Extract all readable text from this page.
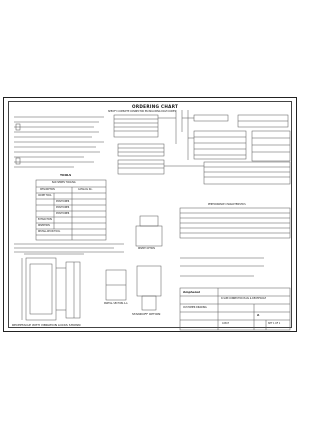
ORDERING CHART
SPECIFY COMPLETE CONNECTOR PN INCLUDING DASH CODES
TOOLS
BAR SERIES TOOLING
DESCRIPTION	CATALOG No.
CRIMP TOOL
POSITIONER
POSITIONER
POSITIONER
EXTRACTION
INSERTION
INSTALLATION TOOL
RECEPTACLE WITH VIBRATION LOCKS SHOWN
STANDOFF OPTION
PARTIAL SECTION A-A
INSERT OPTION
PERFORMANCE CHARACTERISTICS
Amphenol
D-SUB CONNECTOR PLUG & RECEPTACLE
CUSTOMER DRAWING
A
C2307	SHT 1 OF 1
